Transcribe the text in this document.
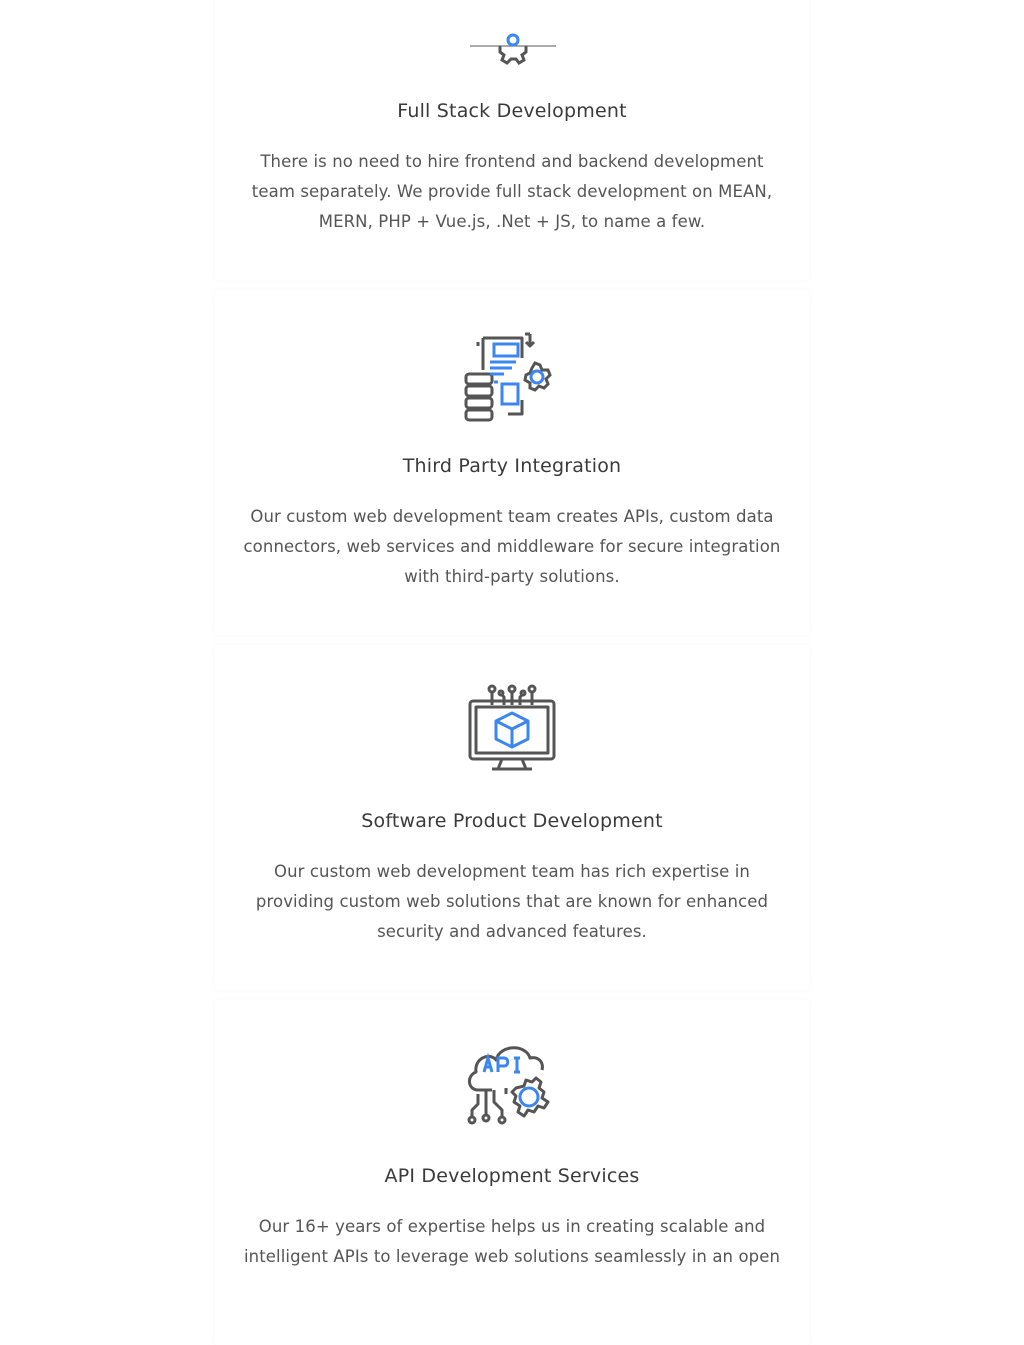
Full Stack Development

There is no need to hire frontend and backend development team separately. We provide full stack development on MEAN, MERN, PHP + Vue.js, .Net + JS, to name a few.

Third Party Integration

Our custom web development team creates APIs, custom data connectors, web services and middleware for secure integration with third-party solutions.

Software Product Development

Our custom web development team has rich expertise in providing custom web solutions that are known for enhanced security and advanced features.

API Development Services

Our 16+ years of expertise helps us in creating scalable and intelligent APIs to leverage web solutions seamlessly in an open
